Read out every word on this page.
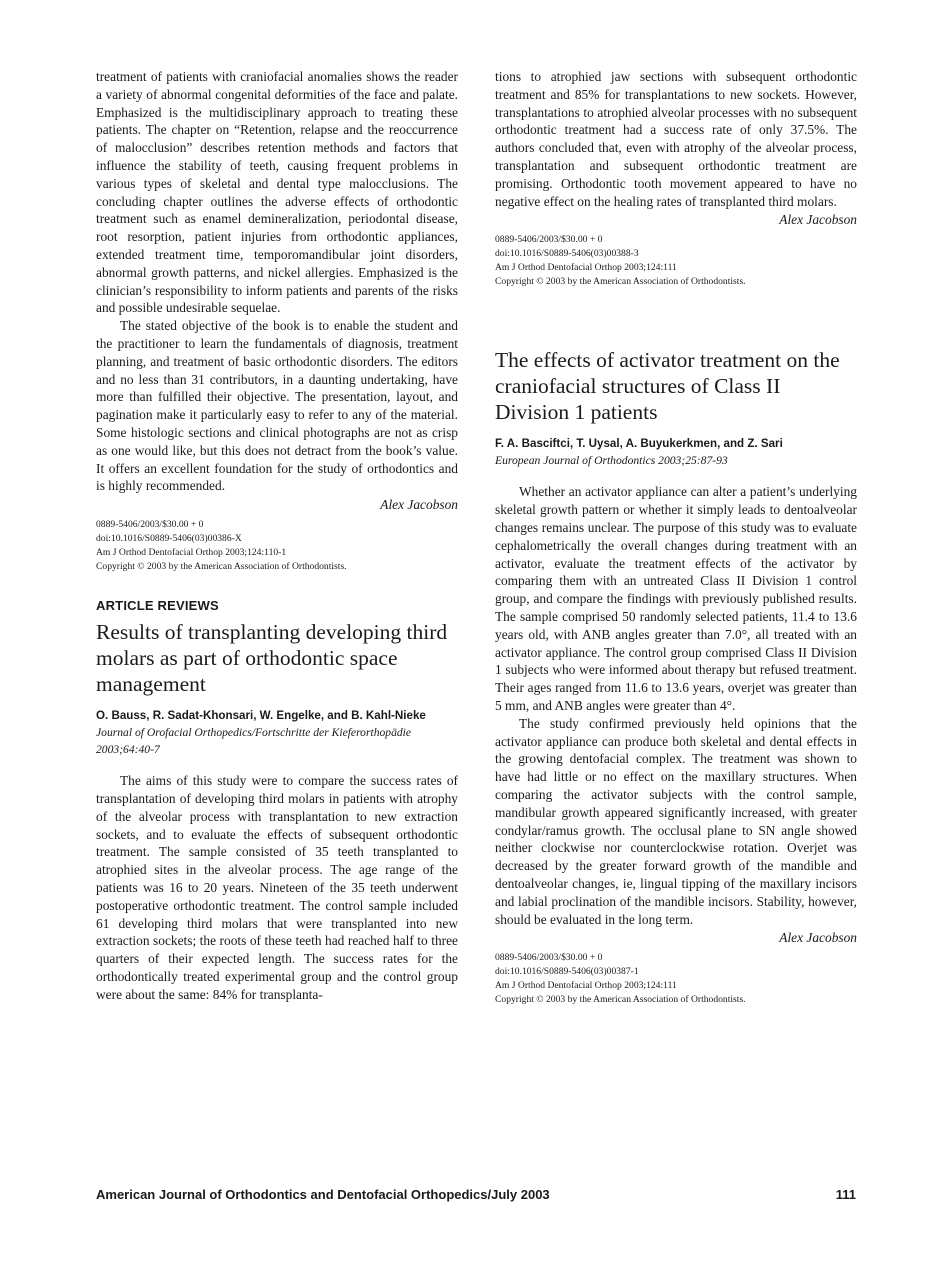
treatment of patients with craniofacial anomalies shows the reader a variety of abnormal congenital deformities of the face and palate. Emphasized is the multidisciplinary approach to treating these patients. The chapter on “Retention, relapse and the reoccurrence of malocclusion” describes retention methods and factors that influence the stability of teeth, causing frequent problems in various types of skeletal and dental type malocclusions. The concluding chapter outlines the adverse effects of orthodontic treatment such as enamel demineralization, periodontal disease, root resorption, patient injuries from orthodontic appliances, extended treatment time, temporomandibular joint disorders, abnormal growth patterns, and nickel allergies. Emphasized is the clinician’s responsibility to inform patients and parents of the risks and possible undesirable sequelae.

The stated objective of the book is to enable the student and the practitioner to learn the fundamentals of diagnosis, treatment planning, and treatment of basic orthodontic disorders. The editors and no less than 31 contributors, in a daunting undertaking, have more than fulfilled their objective. The presentation, layout, and pagination make it particularly easy to refer to any of the material. Some histologic sections and clinical photographs are not as crisp as one would like, but this does not detract from the book’s value. It offers an excellent foundation for the study of orthodontics and is highly recommended.

Alex Jacobson

0889-5406/2003/$30.00 + 0

doi:10.1016/S0889-5406(03)00386-X

Am J Orthod Dentofacial Orthop 2003;124:110-1

Copyright © 2003 by the American Association of Orthodontists.

ARTICLE REVIEWS
Results of transplanting developing third molars as part of orthodontic space management

O. Bauss, R. Sadat-Khonsari, W. Engelke, and B. Kahl-Nieke

Journal of Orofacial Orthopedics/Fortschritte der Kieferorthopädie 2003;64:40-7

The aims of this study were to compare the success rates of transplantation of developing third molars in patients with atrophy of the alveolar process with transplantation to new extraction sockets, and to evaluate the effects of subsequent orthodontic treatment. The sample consisted of 35 teeth transplanted to atrophied sites in the alveolar process. The age range of the patients was 16 to 20 years. Nineteen of the 35 teeth underwent postoperative orthodontic treatment. The control sample included 61 developing third molars that were transplanted into new extraction sockets; the roots of these teeth had reached half to three quarters of their expected length. The success rates for the orthodontically treated experimental group and the control group were about the same: 84% for transplanta-

tions to atrophied jaw sections with subsequent orthodontic treatment and 85% for transplantations to new sockets. However, transplantations to atrophied alveolar processes with no subsequent orthodontic treatment had a success rate of only 37.5%. The authors concluded that, even with atrophy of the alveolar process, transplantation and subsequent orthodontic treatment are promising. Orthodontic tooth movement appeared to have no negative effect on the healing rates of transplanted third molars.

Alex Jacobson

0889-5406/2003/$30.00 + 0

doi:10.1016/S0889-5406(03)00388-3

Am J Orthod Dentofacial Orthop 2003;124:111

Copyright © 2003 by the American Association of Orthodontists.

The effects of activator treatment on the craniofacial structures of Class II Division 1 patients

F. A. Basciftci, T. Uysal, A. Buyukerkmen, and Z. Sari

European Journal of Orthodontics 2003;25:87-93

Whether an activator appliance can alter a patient’s underlying skeletal growth pattern or whether it simply leads to dentoalveolar changes remains unclear. The purpose of this study was to evaluate cephalometrically the overall changes during treatment with an activator, evaluate the treatment effects of the activator by comparing them with an untreated Class II Division 1 control group, and compare the findings with previously published results. The sample comprised 50 randomly selected patients, 11.4 to 13.6 years old, with ANB angles greater than 7.0°, all treated with an activator appliance. The control group comprised Class II Division 1 subjects who were informed about therapy but refused treatment. Their ages ranged from 11.6 to 13.6 years, overjet was greater than 5 mm, and ANB angles were greater than 4°.

The study confirmed previously held opinions that the activator appliance can produce both skeletal and dental effects in the growing dentofacial complex. The treatment was shown to have had little or no effect on the maxillary structures. When comparing the activator subjects with the control sample, mandibular growth appeared significantly increased, with greater condylar/ramus growth. The occlusal plane to SN angle showed neither clockwise nor counterclockwise rotation. Overjet was decreased by the greater forward growth of the mandible and dentoalveolar changes, ie, lingual tipping of the maxillary incisors and labial proclination of the mandible incisors. Stability, however, should be evaluated in the long term.

Alex Jacobson

0889-5406/2003/$30.00 + 0

doi:10.1016/S0889-5406(03)00387-1

Am J Orthod Dentofacial Orthop 2003;124:111

Copyright © 2003 by the American Association of Orthodontists.

American Journal of Orthodontics and Dentofacial Orthopedics/July 2003	111
